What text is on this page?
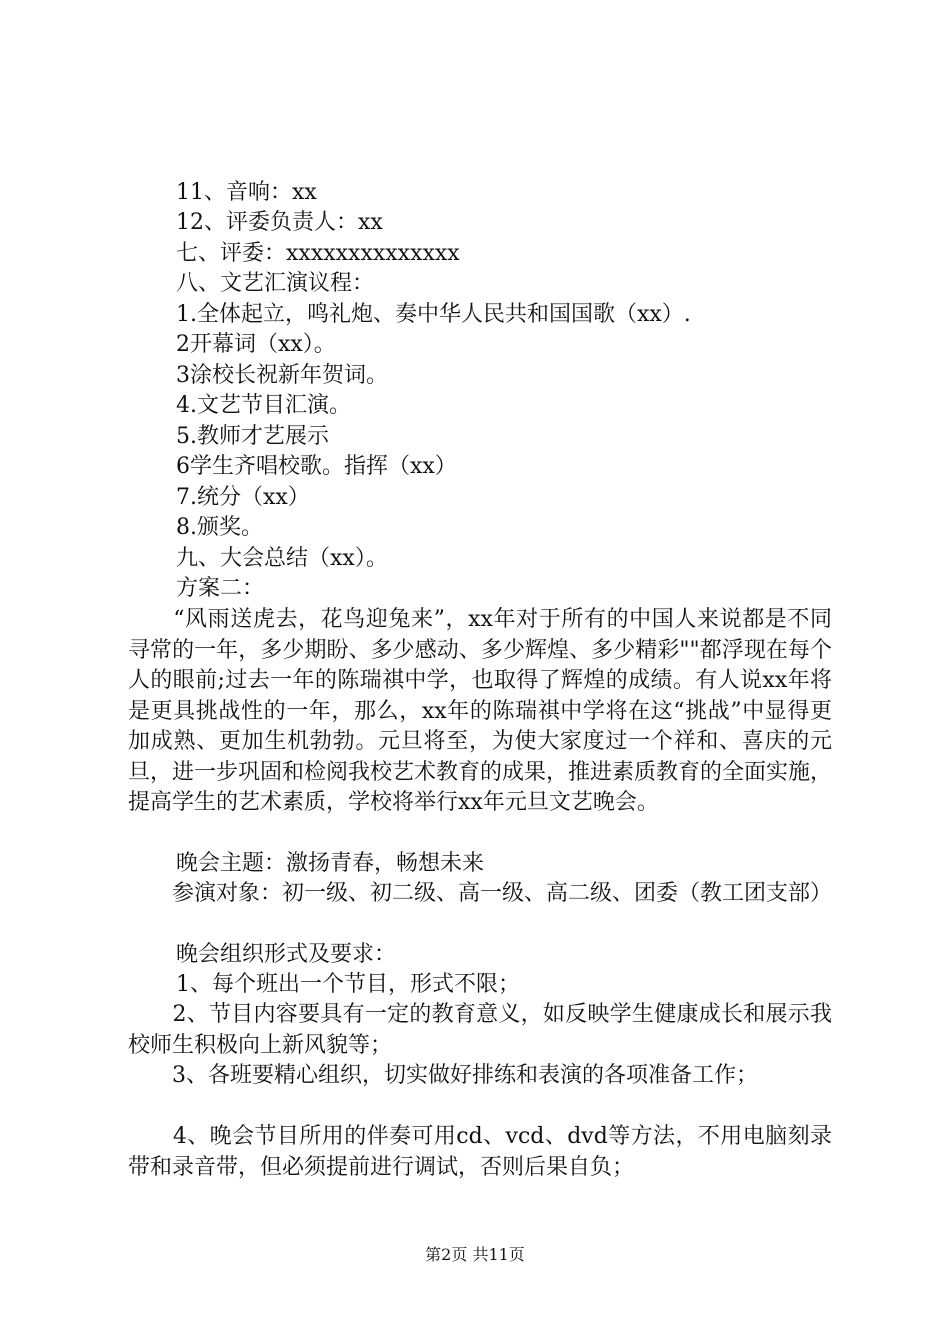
11、音响：xx
12、评委负责人：xx
七、评委：xxxxxxxxxxxxxx
八、文艺汇演议程：
1.全体起立，鸣礼炮、奏中华人民共和国国歌（xx）.
2开幕词（xx）。
3涂校长祝新年贺词。
4.文艺节目汇演。
5.教师才艺展示
6学生齐唱校歌。指挥（xx）
7.统分（xx）
8.颁奖。
九、大会总结（xx）。
方案二：
　　“风雨送虎去，花鸟迎兔来”，xx年对于所有的中国人来说都是不同寻常的一年，多少期盼、多少感动、多少辉煌、多少精彩""都浮现在每个人的眼前;过去一年的陈瑞祺中学，也取得了辉煌的成绩。有人说xx年将是更具挑战性的一年，那么，xx年的陈瑞祺中学将在这“挑战”中显得更加成熟、更加生机勃勃。元旦将至，为使大家度过一个祥和、喜庆的元旦，进一步巩固和检阅我校艺术教育的成果，推进素质教育的全面实施，提高学生的艺术素质，学校将举行xx年元旦文艺晚会。
晚会主题：激扬青春，畅想未来
　　参演对象：初一级、初二级、高一级、高二级、团委（教工团支部）
晚会组织形式及要求：
1、每个班出一个节目，形式不限；
　　2、节目内容要具有一定的教育意义，如反映学生健康成长和展示我校师生积极向上新风貌等；
　　3、各班要精心组织，切实做好排练和表演的各项准备工作；
　　4、晚会节目所用的伴奏可用cd、vcd、dvd等方法，不用电脑刻录带和录音带，但必须提前进行调试，否则后果自负；
第2页 共11页
